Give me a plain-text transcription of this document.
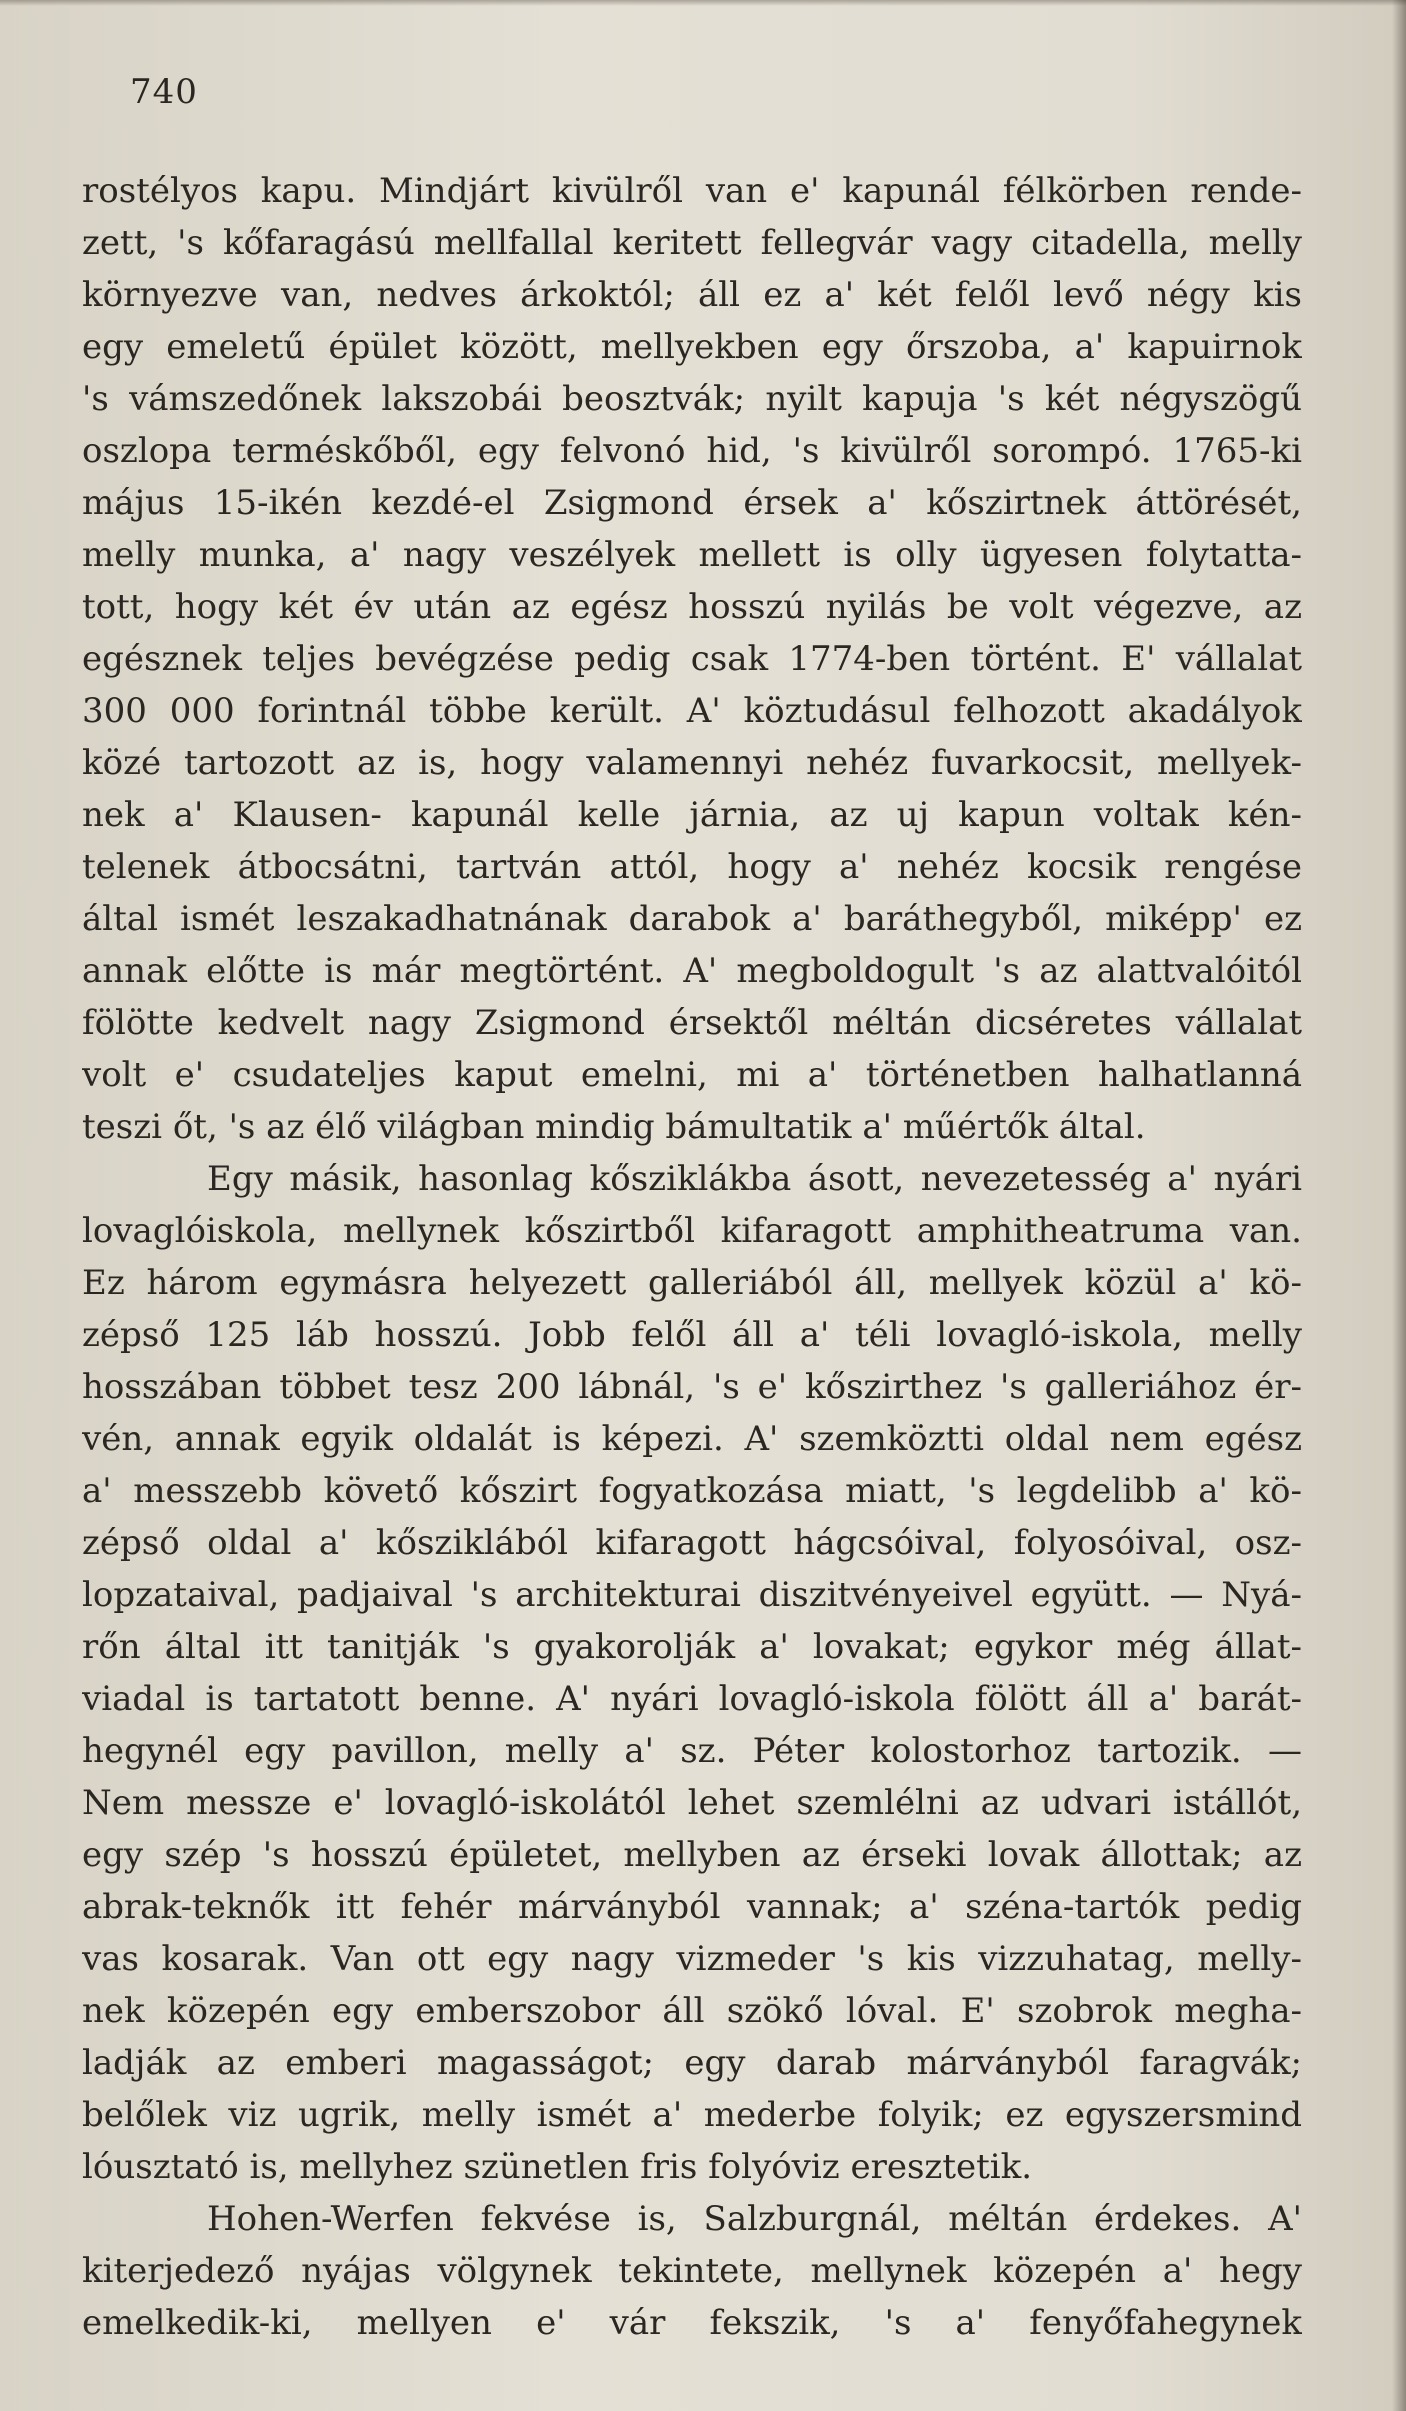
740
rostélyos kapu. Mindjárt kivülről van e' kapunál félkörben rende-
zett, 's kőfaragású mellfallal keritett fellegvár vagy citadella, melly
környezve van, nedves árkoktól; áll ez a' két felől levő négy kis
egy emeletű épület között, mellyekben egy őrszoba, a' kapuirnok
's vámszedőnek lakszobái beosztvák; nyilt kapuja 's két négyszögű
oszlopa terméskőből, egy felvonó hid, 's kivülről sorompó. 1765-ki
május 15-ikén kezdé-el Zsigmond érsek a' kőszirtnek áttörését,
melly munka, a' nagy veszélyek mellett is olly ügyesen folytatta-
tott, hogy két év után az egész hosszú nyilás be volt végezve, az
egésznek teljes bevégzése pedig csak 1774-ben történt. E' vállalat
300 000 forintnál többe került. A' köztudásul felhozott akadályok
közé tartozott az is, hogy valamennyi nehéz fuvarkocsit, mellyek-
nek a' Klausen- kapunál kelle járnia, az uj kapun voltak kén-
telenek átbocsátni, tartván attól, hogy a' nehéz kocsik rengése
által ismét leszakadhatnának darabok a' baráthegyből, miképp' ez
annak előtte is már megtörtént. A' megboldogult 's az alattvalóitól
fölötte kedvelt nagy Zsigmond érsektől méltán dicséretes vállalat
volt e' csudateljes kaput emelni, mi a' történetben halhatlanná
teszi őt, 's az élő világban mindig bámultatik a' műértők által.
Egy másik, hasonlag kősziklákba ásott, nevezetesség a' nyári
lovaglóiskola, mellynek kőszirtből kifaragott amphitheatruma van.
Ez három egymásra helyezett galleriából áll, mellyek közül a' kö-
zépső 125 láb hosszú. Jobb felől áll a' téli lovagló-iskola, melly
hosszában többet tesz 200 lábnál, 's e' kőszirthez 's galleriához ér-
vén, annak egyik oldalát is képezi. A' szemköztti oldal nem egész
a' messzebb követő kőszirt fogyatkozása miatt, 's legdelibb a' kö-
zépső oldal a' kősziklából kifaragott hágcsóival, folyosóival, osz-
lopzataival, padjaival 's architekturai diszitvényeivel együtt. — Nyá-
rőn által itt tanitják 's gyakorolják a' lovakat; egykor még állat-
viadal is tartatott benne. A' nyári lovagló-iskola fölött áll a' barát-
hegynél egy pavillon, melly a' sz. Péter kolostorhoz tartozik. —
Nem messze e' lovagló-iskolától lehet szemlélni az udvari istállót,
egy szép 's hosszú épületet, mellyben az érseki lovak állottak; az
abrak-teknők itt fehér márványból vannak; a' széna-tartók pedig
vas kosarak. Van ott egy nagy vizmeder 's kis vizzuhatag, melly-
nek közepén egy emberszobor áll szökő lóval. E' szobrok megha-
ladják az emberi magasságot; egy darab márványból faragvák;
belőlek viz ugrik, melly ismét a' mederbe folyik; ez egyszersmind
lóusztató is, mellyhez szünetlen fris folyóviz eresztetik.
Hohen-Werfen fekvése is, Salzburgnál, méltán érdekes. A'
kiterjedező nyájas völgynek tekintete, mellynek közepén a' hegy
emelkedik-ki, mellyen e' vár fekszik, 's a' fenyőfahegynek
